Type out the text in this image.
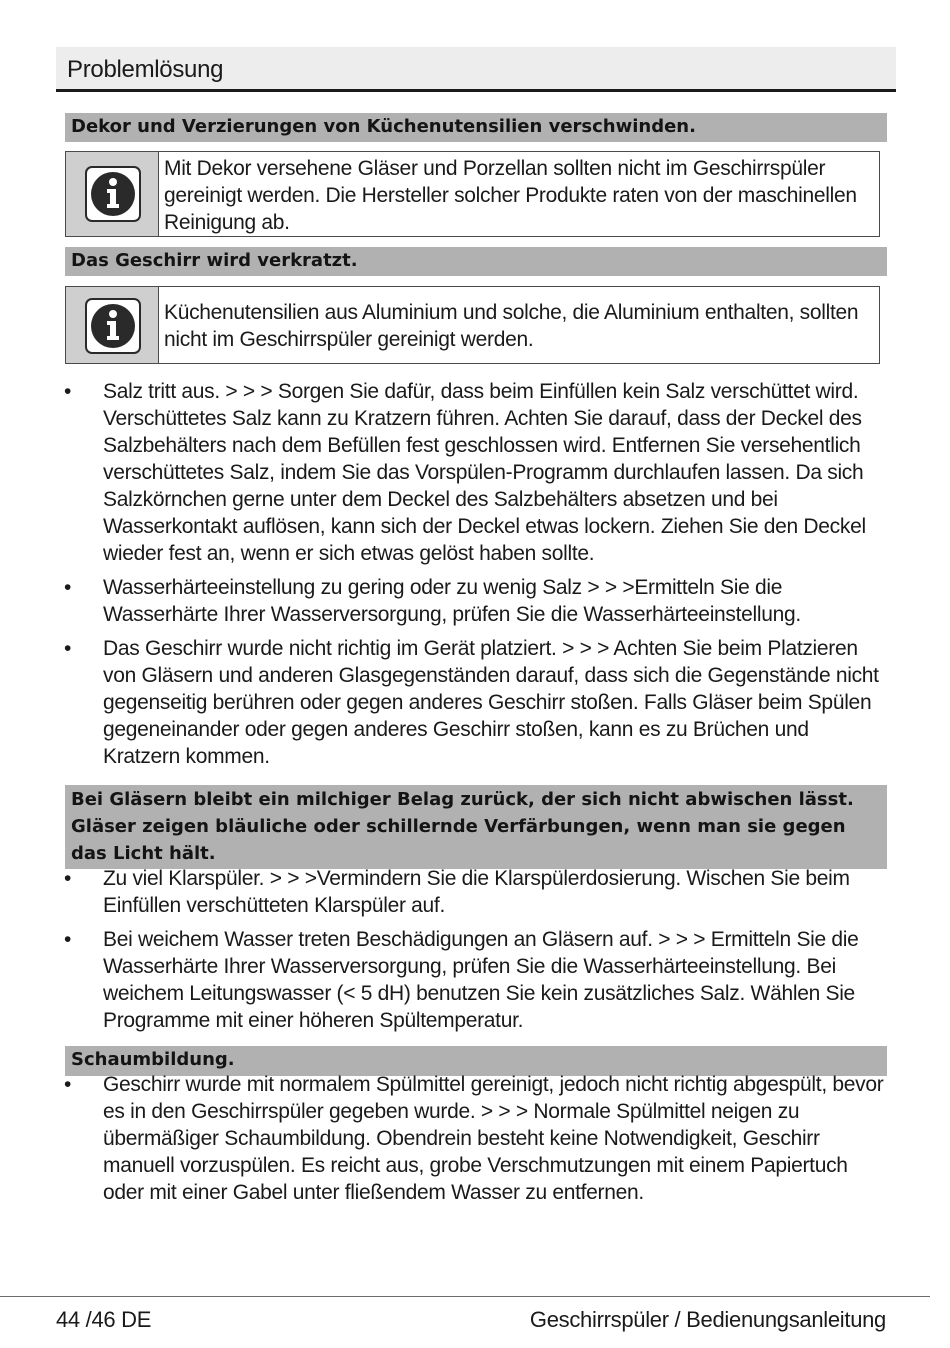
Problemlösung
Dekor und Verzierungen von Küchenutensilien verschwinden.
Mit Dekor versehene Gläser und Porzellan sollten nicht im Geschirrspüler gereinigt werden. Die Hersteller solcher Produkte raten von der maschinellen Reinigung ab.
Das Geschirr wird verkratzt.
Küchenutensilien aus Aluminium und solche, die Aluminium enthalten, sollten nicht im Geschirrspüler gereinigt werden.
• Salz tritt aus. > > > Sorgen Sie dafür, dass beim Einfüllen kein Salz verschüttet wird. Verschüttetes Salz kann zu Kratzern führen. Achten Sie darauf, dass der Deckel des Salzbehälters nach dem Befüllen fest geschlossen wird. Entfernen Sie versehentlich verschüttetes Salz, indem Sie das Vorspülen-Programm durchlaufen lassen. Da sich Salzkörnchen gerne unter dem Deckel des Salzbehälters absetzen und bei Wasserkontakt auflösen, kann sich der Deckel etwas lockern. Ziehen Sie den Deckel wieder fest an, wenn er sich etwas gelöst haben sollte.
• Wasserhärteeinstellung zu gering oder zu wenig Salz > > >Ermitteln Sie die Wasserhärte Ihrer Wasserversorgung, prüfen Sie die Wasserhärteeinstellung.
• Das Geschirr wurde nicht richtig im Gerät platziert. > > > Achten Sie beim Platzieren von Gläsern und anderen Glasgegenständen darauf, dass sich die Gegenstände nicht gegenseitig berühren oder gegen anderes Geschirr stoßen. Falls Gläser beim Spülen gegeneinander oder gegen anderes Geschirr stoßen, kann es zu Brüchen und Kratzern kommen.
Bei Gläsern bleibt ein milchiger Belag zurück, der sich nicht abwischen lässt. Gläser zeigen bläuliche oder schillernde Verfärbungen, wenn man sie gegen das Licht hält.
• Zu viel Klarspüler. > > >Vermindern Sie die Klarspülerdosierung. Wischen Sie beim Einfüllen verschütteten Klarspüler auf.
• Bei weichem Wasser treten Beschädigungen an Gläsern auf. > > > Ermitteln Sie die Wasserhärte Ihrer Wasserversorgung, prüfen Sie die Wasserhärteeinstellung. Bei weichem Leitungswasser (< 5 dH) benutzen Sie kein zusätzliches Salz. Wählen Sie Programme mit einer höheren Spültemperatur.
Schaumbildung.
• Geschirr wurde mit normalem Spülmittel gereinigt, jedoch nicht richtig abgespült, bevor es in den Geschirrspüler gegeben wurde. > > > Normale Spülmittel neigen zu übermäßiger Schaumbildung. Obendrein besteht keine Notwendigkeit, Geschirr manuell vorzuspülen. Es reicht aus, grobe Verschmutzungen mit einem Papiertuch oder mit einer Gabel unter fließendem Wasser zu entfernen.
44 /46 DE	Geschirrspüler / Bedienungsanleitung
